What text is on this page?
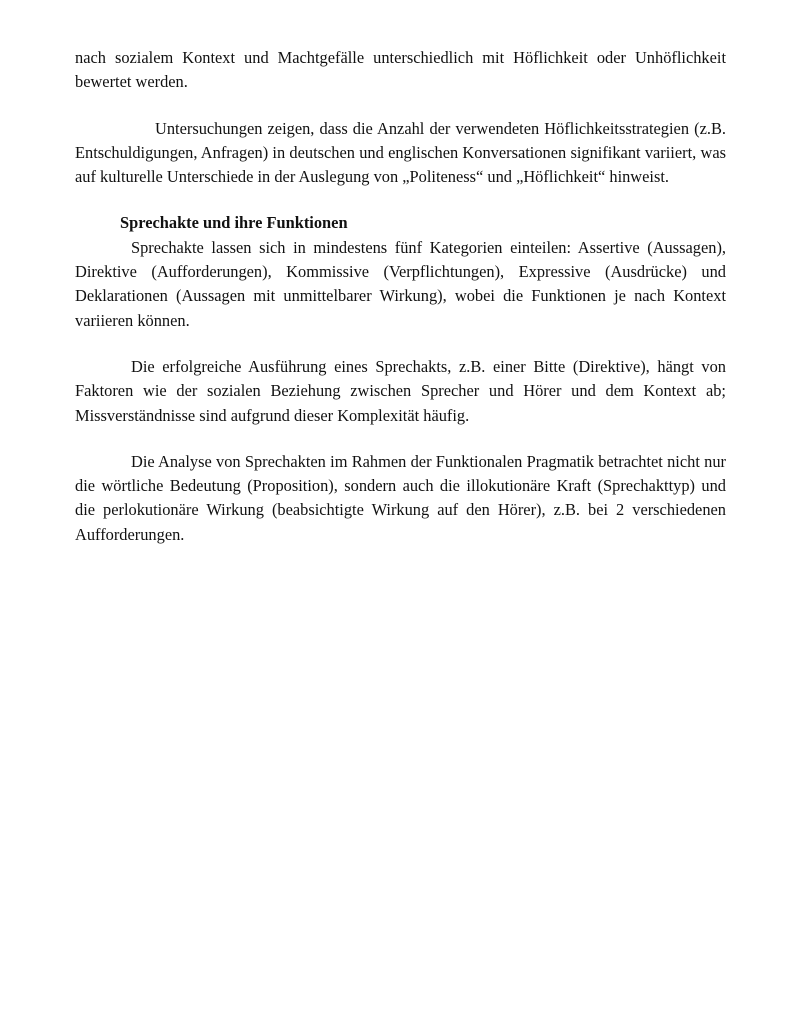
nach sozialem Kontext und Machtgefälle unterschiedlich mit Höflichkeit oder Unhöflichkeit bewertet werden.

Untersuchungen zeigen, dass die Anzahl der verwendeten Höflichkeitsstrategien (z.B. Entschuldigungen, Anfragen) in deutschen und englischen Konversationen signifikant variiert, was auf kulturelle Unterschiede in der Auslegung von „Politeness“ und „Höflichkeit“ hinweist.

Sprechakte und ihre Funktionen

Sprechakte lassen sich in mindestens fünf Kategorien einteilen: Assertive (Aussagen), Direktive (Aufforderungen), Kommissive (Verpflichtungen), Expressive (Ausdrücke) und Deklarationen (Aussagen mit unmittelbarer Wirkung), wobei die Funktionen je nach Kontext variieren können.

Die erfolgreiche Ausführung eines Sprechakts, z.B. einer Bitte (Direktive), hängt von Faktoren wie der sozialen Beziehung zwischen Sprecher und Hörer und dem Kontext ab; Missverständnisse sind aufgrund dieser Komplexität häufig.

Die Analyse von Sprechakten im Rahmen der Funktionalen Pragmatik betrachtet nicht nur die wörtliche Bedeutung (Proposition), sondern auch die illokutionäre Kraft (Sprechakttyp) und die perlokutionäre Wirkung (beabsichtigte Wirkung auf den Hörer), z.B. bei 2 verschiedenen Aufforderungen.
